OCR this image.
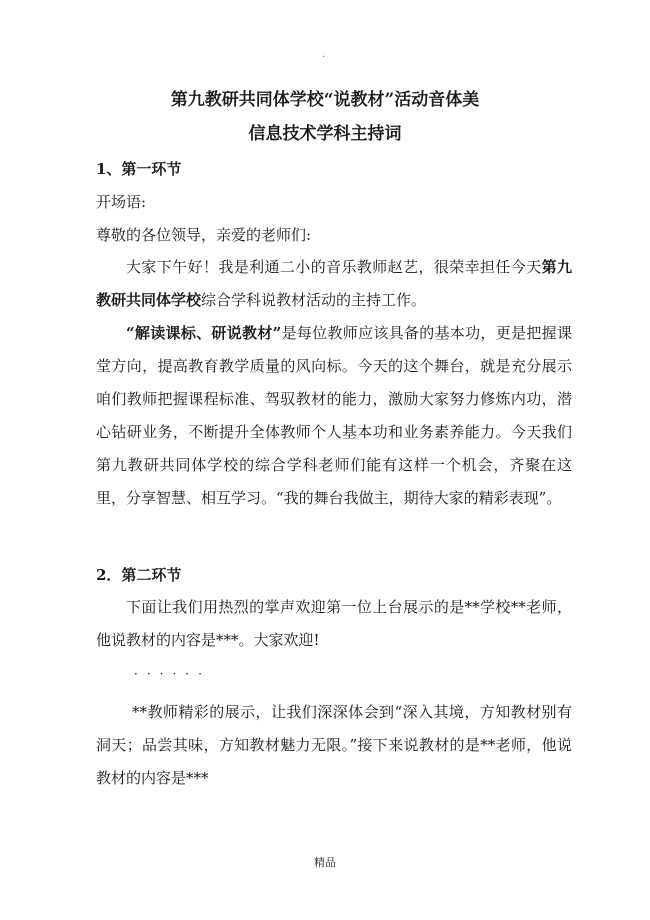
.
第九教研共同体学校“说教材”活动音体美
信息技术学科主持词
1、第一环节
开场语:
尊敬的各位领导，亲爱的老师们:
大家下午好！我是利通二小的音乐教师赵艺，很荣幸担任今天第九教研共同体学校综合学科说教材活动的主持工作。
“解读课标、研说教材”是每位教师应该具备的基本功，更是把握课堂方向，提高教育教学质量的风向标。今天的这个舞台，就是充分展示咱们教师把握课程标准、驾驭教材的能力，激励大家努力修炼内功，潜心钻研业务，不断提升全体教师个人基本功和业务素养能力。今天我们第九教研共同体学校的综合学科老师们能有这样一个机会，齐聚在这里，分享智慧、相互学习。“我的舞台我做主，期待大家的精彩表现”。
2．第二环节
下面让我们用热烈的掌声欢迎第一位上台展示的是**学校**老师，他说教材的内容是***。大家欢迎!
······
**教师精彩的展示，让我们深深体会到“深入其境，方知教材别有洞天；品尝其味，方知教材魅力无限。”接下来说教材的是**老师，他说教材的内容是***
精品
